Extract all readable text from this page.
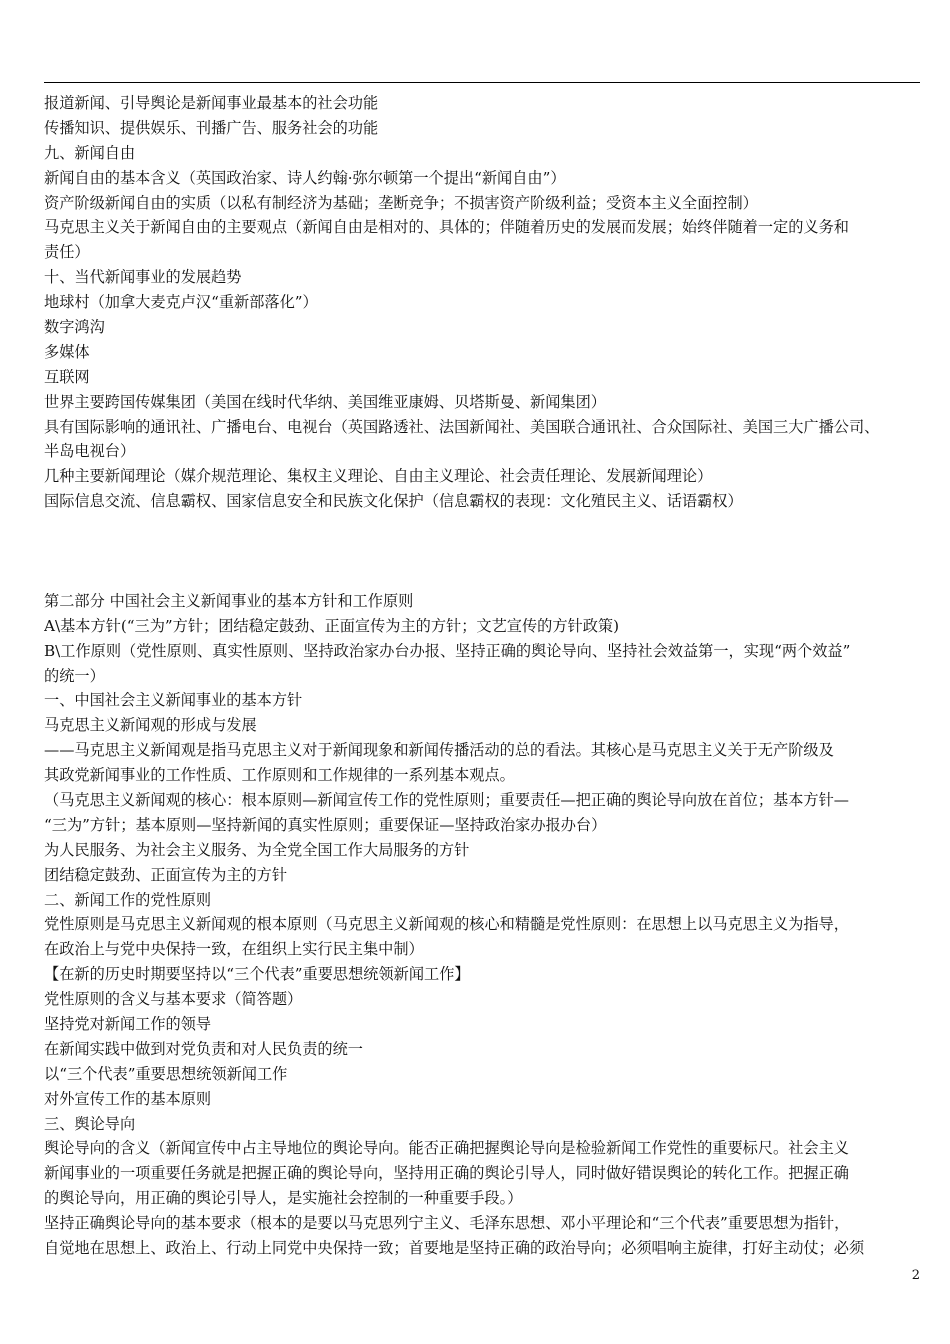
报道新闻、引导舆论是新闻事业最基本的社会功能
传播知识、提供娱乐、刊播广告、服务社会的功能
九、新闻自由
新闻自由的基本含义（英国政治家、诗人约翰·弥尔顿第一个提出“新闻自由”）
资产阶级新闻自由的实质（以私有制经济为基础；垄断竞争；不损害资产阶级利益；受资本主义全面控制）
马克思主义关于新闻自由的主要观点（新闻自由是相对的、具体的；伴随着历史的发展而发展；始终伴随着一定的义务和
责任）
十、当代新闻事业的发展趋势
地球村（加拿大麦克卢汉“重新部落化”）
数字鸿沟
多媒体
互联网
世界主要跨国传媒集团（美国在线时代华纳、美国维亚康姆、贝塔斯曼、新闻集团）
具有国际影响的通讯社、广播电台、电视台（英国路透社、法国新闻社、美国联合通讯社、合众国际社、美国三大广播公司、
半岛电视台）
几种主要新闻理论（媒介规范理论、集权主义理论、自由主义理论、社会责任理论、发展新闻理论）
国际信息交流、信息霸权、国家信息安全和民族文化保护（信息霸权的表现：文化殖民主义、话语霸权）
第二部分 中国社会主义新闻事业的基本方针和工作原则
A\基本方针(“三为”方针；团结稳定鼓劲、正面宣传为主的方针；文艺宣传的方针政策)
B\工作原则（党性原则、真实性原则、坚持政治家办台办报、坚持正确的舆论导向、坚持社会效益第一，实现“两个效益”
的统一）
一、中国社会主义新闻事业的基本方针
马克思主义新闻观的形成与发展
——马克思主义新闻观是指马克思主义对于新闻现象和新闻传播活动的总的看法。其核心是马克思主义关于无产阶级及
其政党新闻事业的工作性质、工作原则和工作规律的一系列基本观点。
（马克思主义新闻观的核心：根本原则—新闻宣传工作的党性原则；重要责任—把正确的舆论导向放在首位；基本方针—
“三为”方针；基本原则—坚持新闻的真实性原则；重要保证—坚持政治家办报办台）
为人民服务、为社会主义服务、为全党全国工作大局服务的方针
团结稳定鼓劲、正面宣传为主的方针
二、新闻工作的党性原则
党性原则是马克思主义新闻观的根本原则（马克思主义新闻观的核心和精髓是党性原则：在思想上以马克思主义为指导，
在政治上与党中央保持一致，在组织上实行民主集中制）
【在新的历史时期要坚持以“三个代表”重要思想统领新闻工作】
党性原则的含义与基本要求（简答题）
坚持党对新闻工作的领导
在新闻实践中做到对党负责和对人民负责的统一
以“三个代表”重要思想统领新闻工作
对外宣传工作的基本原则
三、舆论导向
舆论导向的含义（新闻宣传中占主导地位的舆论导向。能否正确把握舆论导向是检验新闻工作党性的重要标尺。社会主义
新闻事业的一项重要任务就是把握正确的舆论导向，坚持用正确的舆论引导人，同时做好错误舆论的转化工作。把握正确
的舆论导向，用正确的舆论引导人，是实施社会控制的一种重要手段。）
坚持正确舆论导向的基本要求（根本的是要以马克思列宁主义、毛泽东思想、邓小平理论和“三个代表”重要思想为指针，
自觉地在思想上、政治上、行动上同党中央保持一致；首要地是坚持正确的政治导向；必须唱响主旋律，打好主动仗；必须
2
